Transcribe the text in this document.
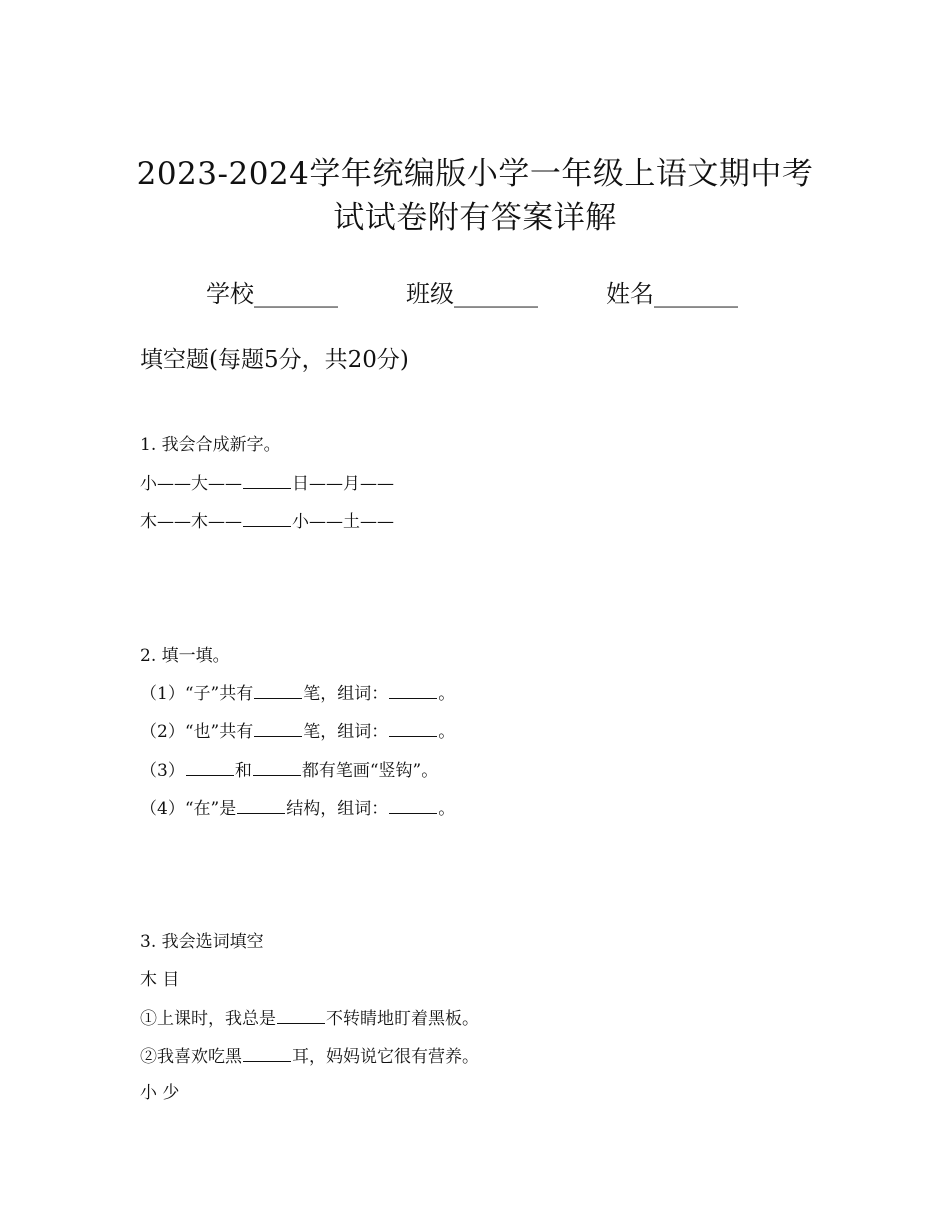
2023-2024学年统编版小学一年级上语文期中考
试试卷附有答案详解
学校_______	班级_______	姓名_______
填空题(每题5分，共20分)
1. 我会合成新字。
小——大——	日——月——
木——木——	小——土——
2. 填一填。
（1）“子”共有	笔，组词：	。
（2）“也”共有	笔，组词：	。
（3）	和	都有笔画“竖钩”。
（4）“在”是	结构，组词：	。
3. 我会选词填空
木 目
①上课时，我总是	不转睛地盯着黑板。
②我喜欢吃黑	耳，妈妈说它很有营养。
小 少
